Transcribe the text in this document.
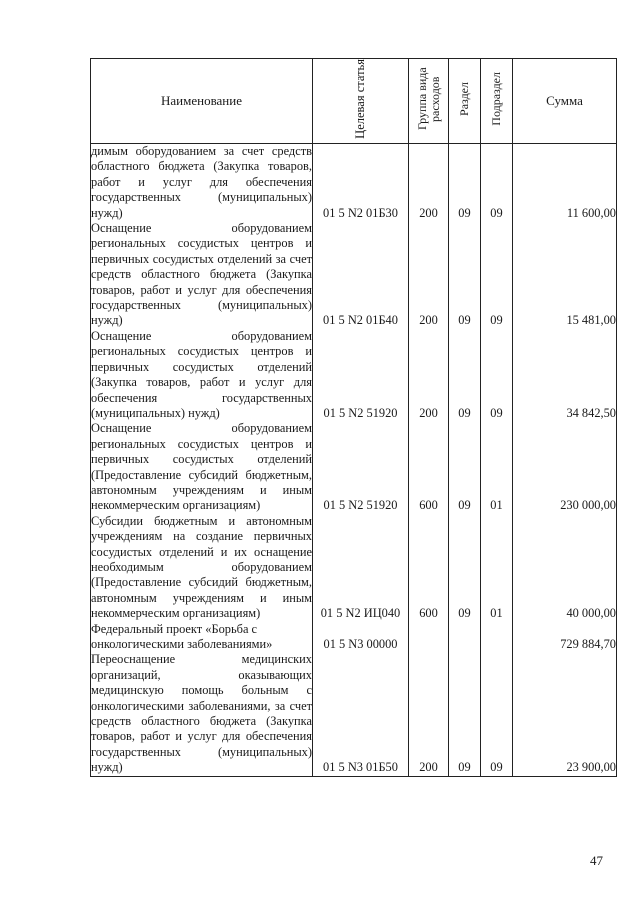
Наименование	Целевая статья	Группа вида расходов	Раздел	Подраздел	Сумма
димым оборудованием за счет средств областного бюджета (Закупка товаров, работ и услуг для обеспечения государственных (муниципальных) нужд)	01 5 N2 01Б30	200	09	09	11 600,00
Оснащение оборудованием региональных сосудистых центров и первичных сосудистых отделений за счет средств областного бюджета (Закупка товаров, работ и услуг для обеспечения государственных (муниципальных) нужд)	01 5 N2 01Б40	200	09	09	15 481,00
Оснащение оборудованием региональных сосудистых центров и первичных сосудистых отделений (Закупка товаров, работ и услуг для обеспечения государственных (муниципальных) нужд)	01 5 N2 51920	200	09	09	34 842,50
Оснащение оборудованием региональных сосудистых центров и первичных сосудистых отделений (Предоставление субсидий бюджетным, автономным учреждениям и иным некоммерческим организациям)	01 5 N2 51920	600	09	01	230 000,00
Субсидии бюджетным и автономным учреждениям на создание первичных сосудистых отделений и их оснащение необходимым оборудованием (Предоставление субсидий бюджетным, автономным учреждениям и иным некоммерческим организациям)	01 5 N2 ИЦ040	600	09	01	40 000,00
Федеральный проект «Борьба с онкологическими заболеваниями»	01 5 N3 00000				729 884,70
Переоснащение медицинских организаций, оказывающих медицинскую помощь больным с онкологическими заболеваниями, за счет средств областного бюджета (Закупка товаров, работ и услуг для обеспечения государственных (муниципальных) нужд)	01 5 N3 01Б50	200	09	09	23 900,00
47
